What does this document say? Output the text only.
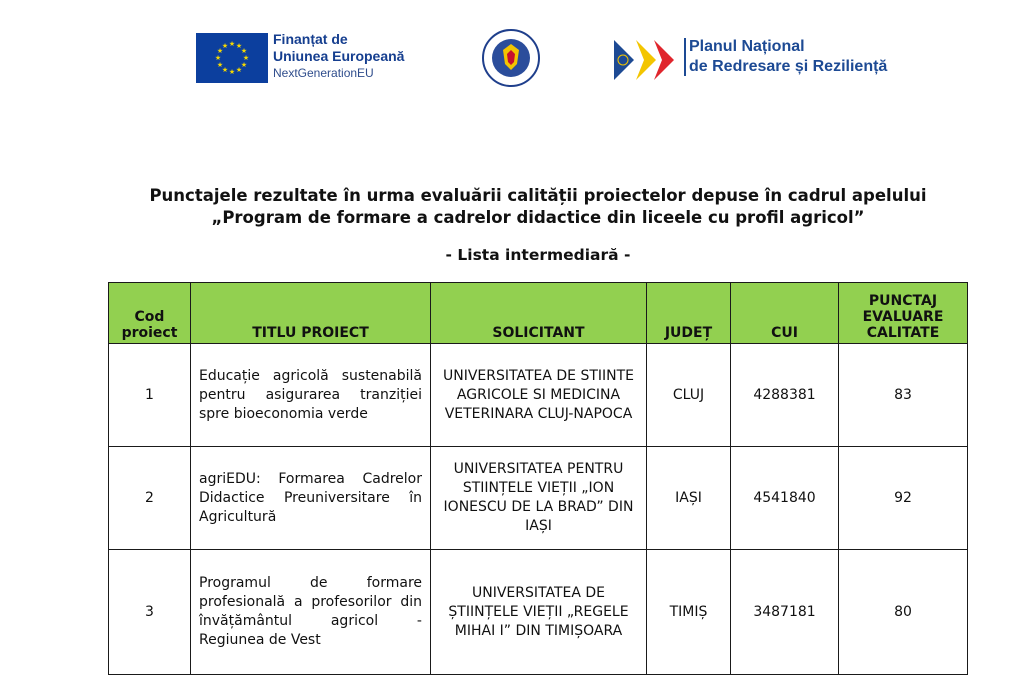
★ ★
★
★
★
★
★
★
★
★
★
★	Finanțat de
Uniunea Europeană
NextGenerationEU
Planul Național
de Redresare și Reziliență
Punctajele rezultate în urma evaluării calității proiectelor depuse în cadrul apelului „Program de formare a cadrelor didactice din liceele cu profil agricol”
- Lista intermediară -
Cod proiect	TITLU PROIECT	SOLICITANT	JUDEȚ	CUI	PUNCTAJ EVALUARE CALITATE
1	Educație agricolă sustenabilă pentru asigurarea tranziției spre bioeconomia verde	UNIVERSITATEA DE STIINTE AGRICOLE SI MEDICINA VETERINARA CLUJ-NAPOCA	CLUJ	4288381	83
2	agriEDU: Formarea Cadrelor Didactice Preuniversitare în Agricultură	UNIVERSITATEA PENTRU STIINȚELE VIEȚII „ION IONESCU DE LA BRAD” DIN IAȘI	IAȘI	4541840	92
3	Programul de formare profesională a profesorilor din învățământul agricol - Regiunea de Vest	UNIVERSITATEA DE ȘTIINȚELE VIEȚII „REGELE MIHAI I” DIN TIMIȘOARA	TIMIȘ	3487181	80
